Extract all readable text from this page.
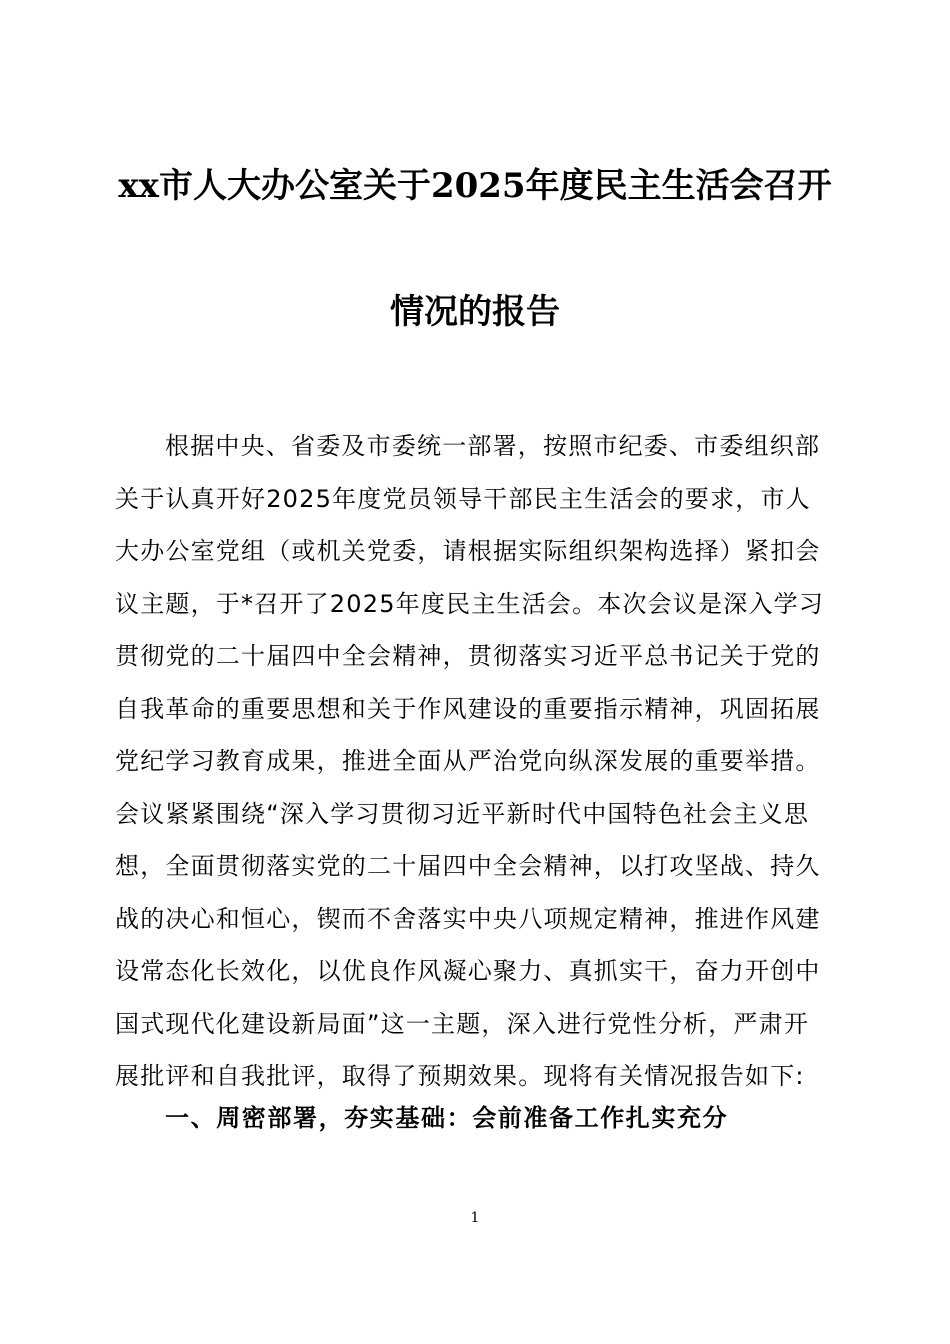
xx市人大办公室关于2025年度民主生活会召开
情况的报告
根据中央、省委及市委统一部署，按照市纪委、市委组织部
关于认真开好2025年度党员领导干部民主生活会的要求，市人
大办公室党组（或机关党委，请根据实际组织架构选择）紧扣会
议主题，于*召开了2025年度民主生活会。本次会议是深入学习
贯彻党的二十届四中全会精神，贯彻落实习近平总书记关于党的
自我革命的重要思想和关于作风建设的重要指示精神，巩固拓展
党纪学习教育成果，推进全面从严治党向纵深发展的重要举措。
会议紧紧围绕“深入学习贯彻习近平新时代中国特色社会主义思
想，全面贯彻落实党的二十届四中全会精神，以打攻坚战、持久
战的决心和恒心，锲而不舍落实中央八项规定精神，推进作风建
设常态化长效化，以优良作风凝心聚力、真抓实干，奋力开创中
国式现代化建设新局面”这一主题，深入进行党性分析，严肃开
展批评和自我批评，取得了预期效果。现将有关情况报告如下:
一、周密部署，夯实基础：会前准备工作扎实充分
1
